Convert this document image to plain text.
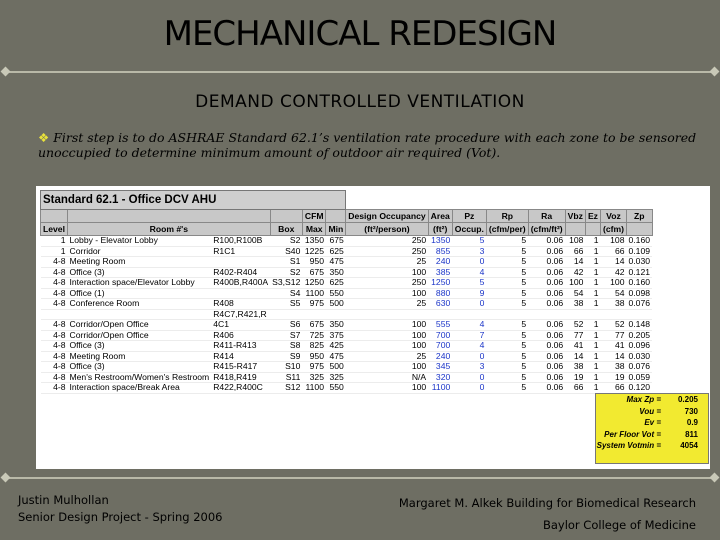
MECHANICAL REDESIGN
DEMAND CONTROLLED VENTILATION
❖ First step is to do ASHRAE Standard 62.1’s ventilation rate procedure with each zone to be sensored unoccupied to determine minimum amount of outdoor air required (Vot).
Standard 62.1 - Office DCV AHU														
				CFM		Design Occupancy	Area	Pz	Rp	Ra	Vbz	Ez	Voz	Zp
Level	Room #'s		Box	Max	Min	(ft²/person)	(ft²)	Occup.	(cfm/per)	(cfm/ft²)			(cfm)	
1	Lobby - Elevator Lobby	R100,R100B	S2	1350	675	250	1350	5	5	0.06	108	1	108	0.160
1	Corridor	R1C1	S40	1225	625	250	855	3	5	0.06	66	1	66	0.109
4-8	Meeting Room		S1	950	475	25	240	0	5	0.06	14	1	14	0.030
4-8	Office (3)	R402-R404	S2	675	350	100	385	4	5	0.06	42	1	42	0.121
4-8	Interaction space/Elevator Lobby	R400B,R400A	S3,S12	1250	625	250	1250	5	5	0.06	100	1	100	0.160
4-8	Office (1)		S4	1100	550	100	880	9	5	0.06	54	1	54	0.098
4-8	Conference Room	R408	S5	975	500	25	630	0	5	0.06	38	1	38	0.076
		R4C7,R421,R												
4-8	Corridor/Open Office	4C1	S6	675	350	100	555	4	5	0.06	52	1	52	0.148
4-8	Corridor/Open Office	R406	S7	725	375	100	700	7	5	0.06	77	1	77	0.205
4-8	Office (3)	R411-R413	S8	825	425	100	700	4	5	0.06	41	1	41	0.096
4-8	Meeting Room	R414	S9	950	475	25	240	0	5	0.06	14	1	14	0.030
4-8	Office (3)	R415-R417	S10	975	500	100	345	3	5	0.06	38	1	38	0.076
4-8	Men's Restroom/Women's Restroom	R418,R419	S11	325	325	N/A	320	0	5	0.06	19	1	19	0.059
4-8	Interaction space/Break Area	R422,R400C	S12	1100	550	100	1100	0	5	0.06	66	1	66	0.120
Max Zp =	0.205
Vou =	730
Ev =	0.9
Per Floor Vot =	811
System Votmin =	4054
Justin Mulhollan
Senior Design Project - Spring 2006
Margaret M. Alkek Building for Biomedical Research
Baylor College of Medicine
